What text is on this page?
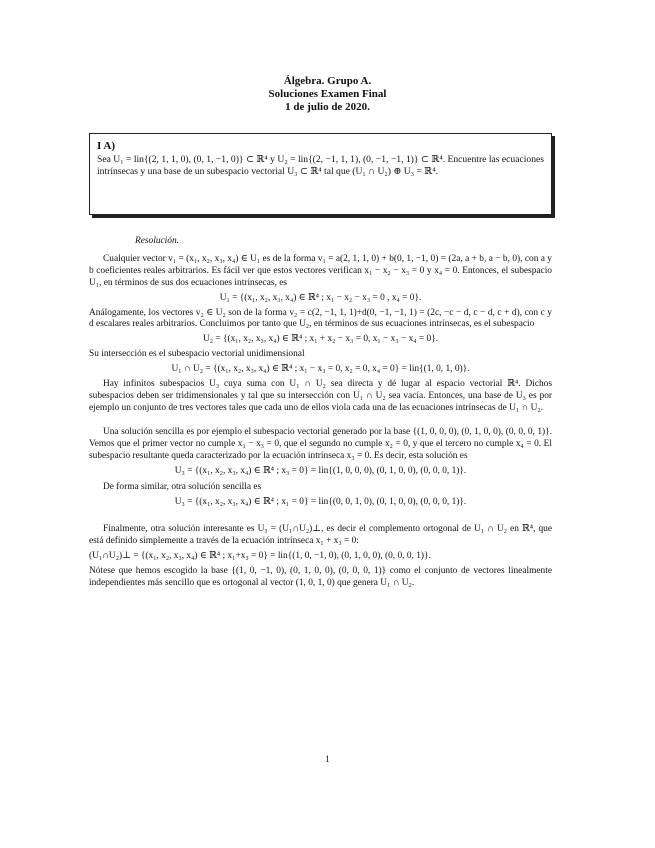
Álgebra. Grupo A.
Soluciones Examen Final
1 de julio de 2020.
I A)

Sea U₁ = lin{(2, 1, 1, 0), (0, 1, −1, 0)} ⊂ ℝ⁴ y U₂ = lin{(2, −1, 1, 1), (0, −1, −1, 1)} ⊂ ℝ⁴. Encuentre las ecuaciones intrínsecas y una base de un subespacio vectorial U₃ ⊂ ℝ⁴ tal que (U₁ ∩ U₂) ⊕ U₃ = ℝ⁴.

Resolución.

Cualquier vector v₁ = (x₁, x₂, x₃, x₄) ∈ U₁ es de la forma v₁ = a(2, 1, 1, 0) + b(0, 1, −1, 0) = (2a, a + b, a − b, 0), con a y b coeficientes reales arbitrarios. Es fácil ver que estos vectores verifican x₁ − x₂ − x₃ = 0 y x₄ = 0. Entonces, el subespacio U₁, en términos de sus dos ecuaciones intrínsecas, es

U₁ = {(x₁, x₂, x₃, x₄) ∈ ℝ⁴ ; x₁ − x₂ − x₃ = 0 , x₄ = 0}.

Análogamente, los vectores v₂ ∈ U₂ son de la forma v₂ = c(2, −1, 1, 1)+d(0, −1, −1, 1) = (2c, −c − d, c − d, c + d), con c y d escalares reales arbitrarios. Concluimos por tanto que U₂, en términos de sus ecuaciones intrínsecas, es el subespacio

U₂ = {(x₁, x₂, x₃, x₄) ∈ ℝ⁴ ; x₁ + x₂ − x₃ = 0, x₁ − x₃ − x₄ = 0}.

Su intersección es el subespacio vectorial unidimensional

U₁ ∩ U₂ = {(x₁, x₂, x₃, x₄) ∈ ℝ⁴ ; x₁ − x₃ = 0, x₂ = 0, x₄ = 0} = lin{(1, 0, 1, 0)}.

Hay infinitos subespacios U₃ cuya suma con U₁ ∩ U₂ sea directa y dé lugar al espacio vectorial ℝ⁴. Dichos subespacios deben ser tridimensionales y tal que su intersección con U₁ ∩ U₂ sea vacía. Entonces, una base de U₃ es por ejemplo un conjunto de tres vectores tales que cada uno de ellos viola cada una de las ecuaciones intrínsecas de U₁ ∩ U₂.

Una solución sencilla es por ejemplo el subespacio vectorial generado por la base {(1, 0, 0, 0), (0, 1, 0, 0), (0, 0, 0, 1)}. Vemos que el primer vector no cumple x₁ − x₃ = 0, que el segundo no cumple x₂ = 0, y que el tercero no cumple x₄ = 0. El subespacio resultante queda caracterizado por la ecuación intrínseca x₃ = 0. Es decir, esta solución es

U₃ = {(x₁, x₂, x₃, x₄) ∈ ℝ⁴ ; x₃ = 0} = lin{(1, 0, 0, 0), (0, 1, 0, 0), (0, 0, 0, 1)}.

De forma similar, otra solución sencilla es

U₃ = {(x₁, x₂, x₃, x₄) ∈ ℝ⁴ ; x₁ = 0} = lin{(0, 0, 1, 0), (0, 1, 0, 0), (0, 0, 0, 1)}.

Finalmente, otra solución interesante es U₃ = (U₁∩U₂)⊥, es decir el complemento ortogonal de U₁ ∩ U₂ en ℝ⁴, que está definido simplemente a través de la ecuación intrínseca x₁ + x₃ = 0:

(U₁∩U₂)⊥ = {(x₁, x₂, x₃, x₄) ∈ ℝ⁴ ; x₁+x₃ = 0} = lin{(1, 0, −1, 0), (0, 1, 0, 0), (0, 0, 0, 1)}.

Nótese que hemos escogido la base {(1, 0, −1, 0), (0, 1, 0, 0), (0, 0, 0, 1)} como el conjunto de vectores linealmente independientes más sencillo que es ortogonal al vector (1, 0, 1, 0) que genera U₁ ∩ U₂.

1
